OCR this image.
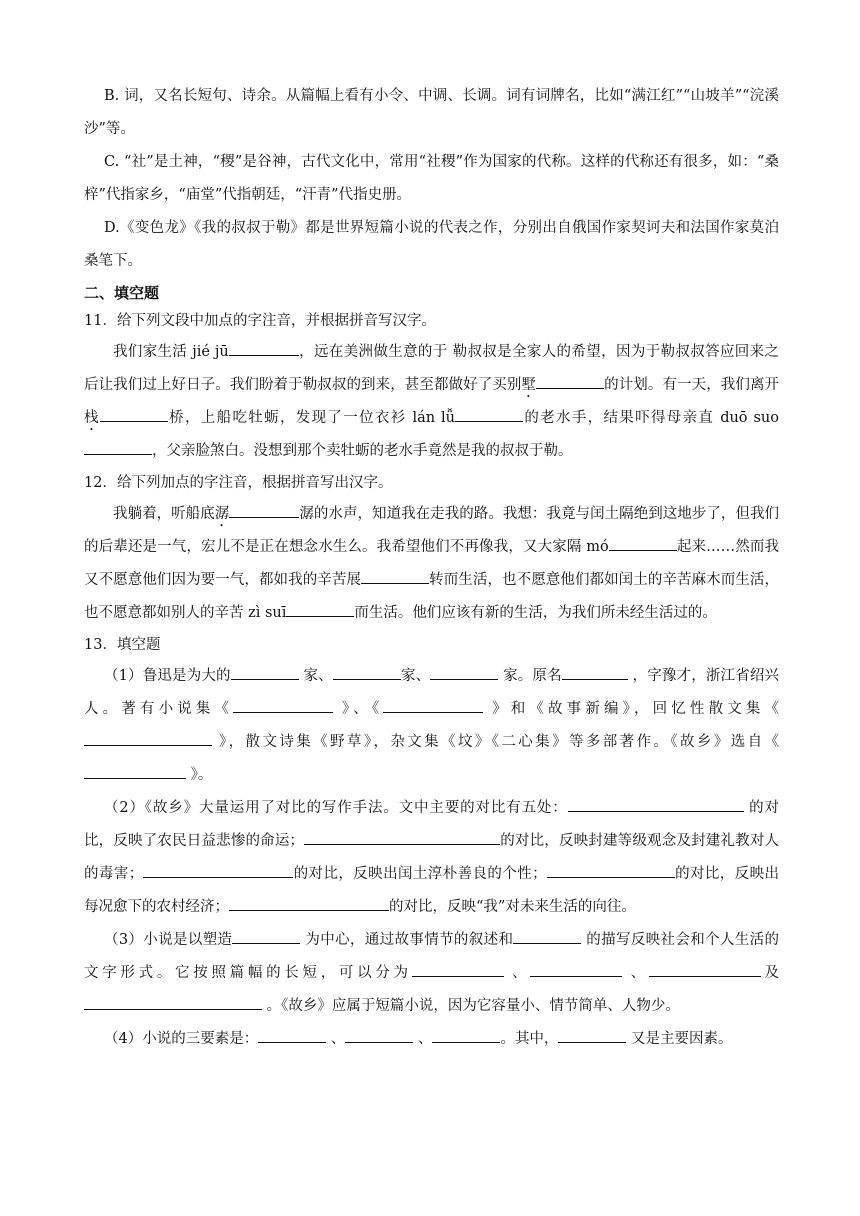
B. 词，又名长短句、诗余。从篇幅上看有小令、中调、长调。词有词牌名，比如“满江红”“山坡羊”“浣溪沙”等。

C. “社”是土神，“稷”是谷神，古代文化中，常用“社稷”作为国家的代称。这样的代称还有很多，如：“桑梓”代指家乡，“庙堂”代指朝廷，“汗青”代指史册。

D.《变色龙》《我的叔叔于勒》都是世界短篇小说的代表之作，分别出自俄国作家契诃夫和法国作家莫泊桑笔下。

二、填空题

11．给下列文段中加点的字注音，并根据拼音写汉字。

我们家生活 jié jū	，远在美洲做生意的于 勒叔叔是全家人的希望，因为于勒叔叔答应回来之后让我们过上好日子。我们盼着于勒叔叔的到来，甚至都做好了买别墅	的计划。有一天，我们离开栈	桥，上船吃牡蛎，发现了一位衣衫 lán lǚ	的老水手，结果吓得母亲直 duō suo，父亲脸煞白。没想到那个卖牡蛎的老水手竟然是我的叔叔于勒。

12．给下列加点的字注音，根据拼音写出汉字。

我躺着，听船底潺	潺的水声，知道我在走我的路。我想：我竟与闰土隔绝到这地步了，但我们的后辈还是一气，宏儿不是正在想念水生么。我希望他们不再像我，又大家隔 mó	起来……然而我又不愿意他们因为要一气，都如我的辛苦展	转而生活，也不愿意他们都如闰土的辛苦麻木而生活，也不愿意都如别人的辛苦 zì suī	而生活。他们应该有新的生活，为我们所未经生活过的。

13．填空题

（1）鲁迅是为大的	家、	家、	家。原名	，字豫才，浙江省绍兴人。著有小说集《	》、《	》和《故事新编》，回忆性散文集《 》，散文诗集《野草》，杂文集《坟》《二心集》等多部著作。《故乡》选自《 》。

（2）《故乡》大量运用了对比的写作手法。文中主要的对比有五处：	的对比，反映了农民日益悲惨的命运；	的对比，反映封建等级观念及封建礼教对人的毒害；	的对比，反映出闰土淳朴善良的个性；	的对比，反映出每况愈下的农村经济；	的对比，反映“我”对未来生活的向往。

（3）小说是以塑造	为中心，通过故事情节的叙述和	的描写反映社会和个人生活的文字形式。它按照篇幅的长短，可以分为	、	、	及 。《故乡》应属于短篇小说，因为它容量小、情节简单、人物少。

（4）小说的三要素是：	、	、	。其中，	又是主要因素。
